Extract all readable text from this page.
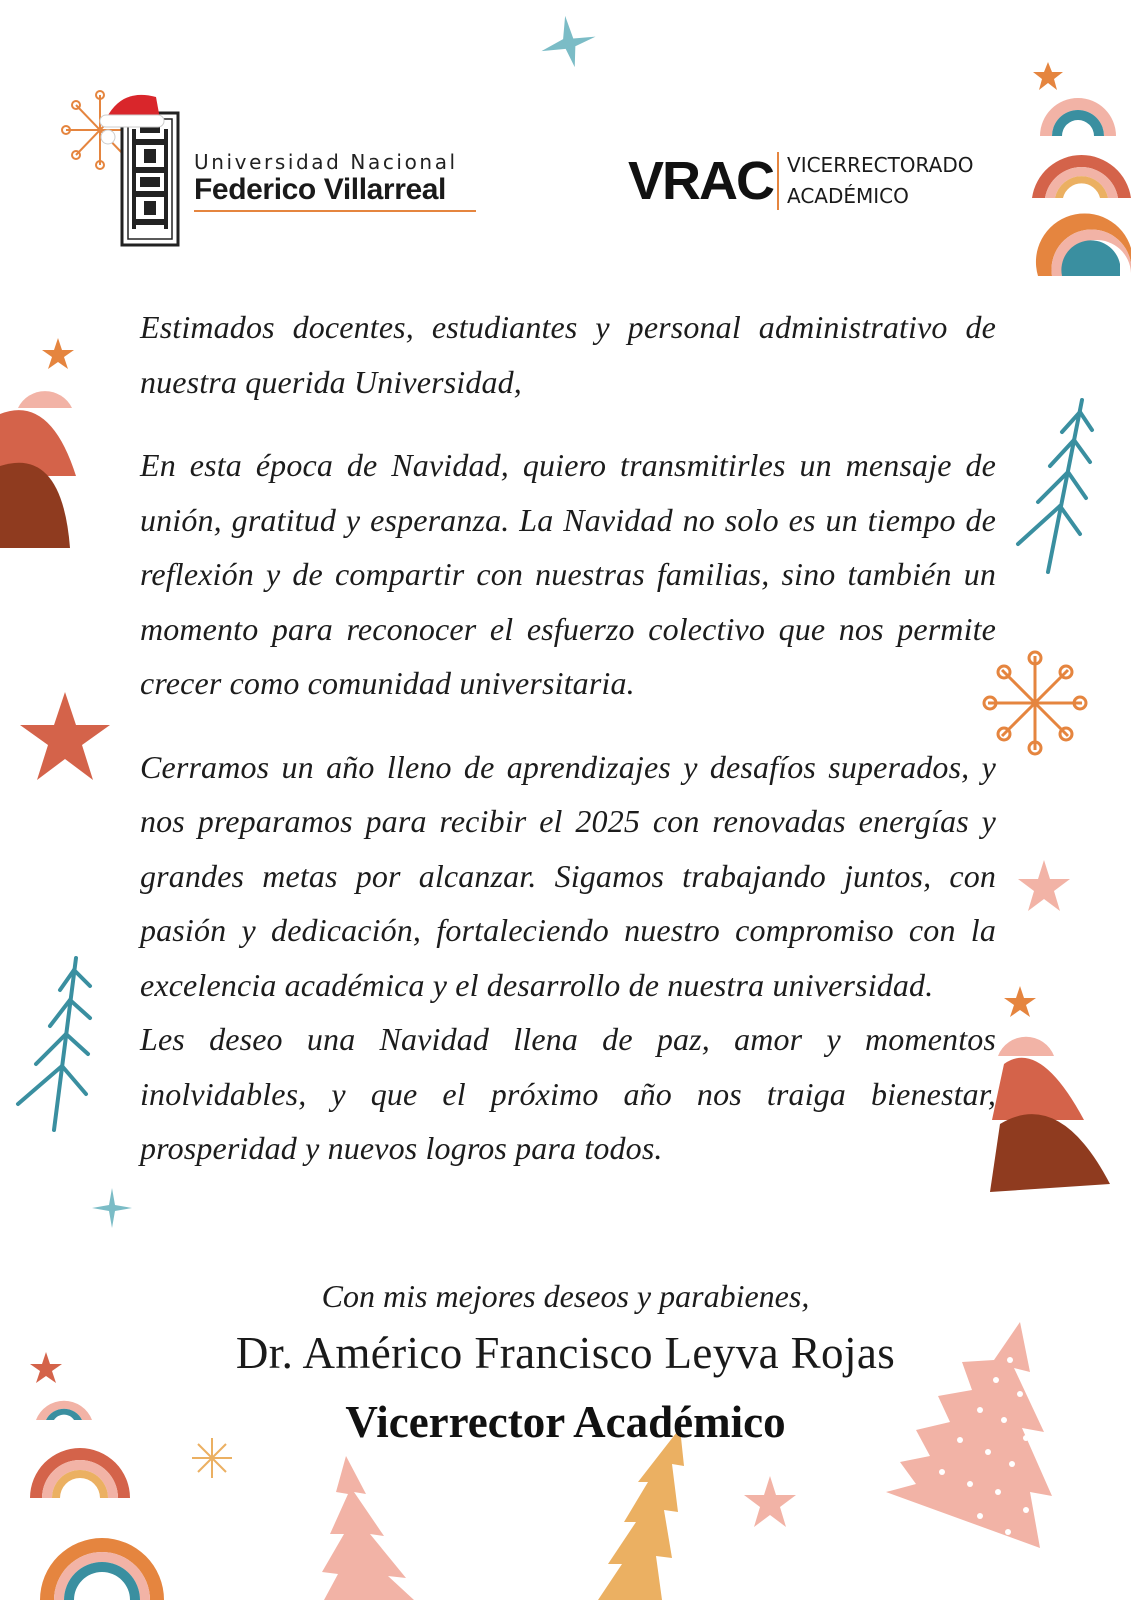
Universidad Nacional
Federico Villarreal	VRAC VICERRECTORADO
ACADÉMICO

Estimados docentes, estudiantes y personal administrativo de nuestra querida Universidad,

En esta época de Navidad, quiero transmitirles un mensaje de unión, gratitud y esperanza. La Navidad no solo es un tiempo de reflexión y de compartir con nuestras familias, sino también un momento para reconocer el esfuerzo colectivo que nos permite crecer como comunidad universitaria.

Cerramos un año lleno de aprendizajes y desafíos superados, y nos preparamos para recibir el 2025 con renovadas energías y grandes metas por alcanzar. Sigamos trabajando juntos, con pasión y dedicación, fortaleciendo nuestro compromiso con la excelencia académica y el desarrollo de nuestra universidad.

Les deseo una Navidad llena de paz, amor y momentos inolvidables, y que el próximo año nos traiga bienestar, prosperidad y nuevos logros para todos.

Con mis mejores deseos y parabienes,
Dr. Américo Francisco Leyva Rojas
Vicerrector Académico
